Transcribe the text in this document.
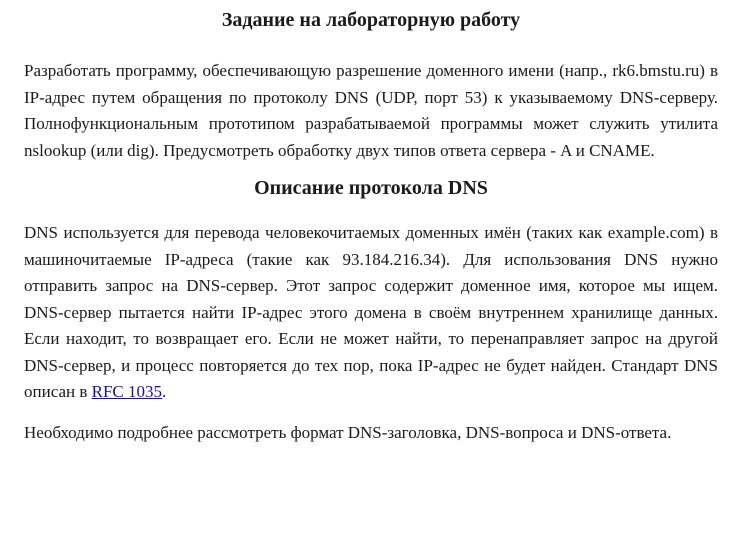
Задание на лабораторную работу

Разработать программу, обеспечивающую разрешение доменного имени (напр., rk6.bmstu.ru) в IP-адрес путем обращения по протоколу DNS (UDP, порт 53) к указываемому DNS-серверу. Полнофункциональным прототипом разрабатываемой программы может служить утилита nslookup (или dig). Предусмотреть обработку двух типов ответа сервера - A и CNAME.

Описание протокола DNS

DNS используется для перевода человекочитаемых доменных имён (таких как example.com) в машиночитаемые IP-адреса (такие как 93.184.216.34). Для использования DNS нужно отправить запрос на DNS-сервер. Этот запрос содержит доменное имя, которое мы ищем. DNS-сервер пытается найти IP-адрес этого домена в своём внутреннем хранилище данных. Если находит, то возвращает его. Если не может найти, то перенаправляет запрос на другой DNS-сервер, и процесс повторяется до тех пор, пока IP-адрес не будет найден. Стандарт DNS описан в RFC 1035.

Необходимо подробнее рассмотреть формат DNS-заголовка, DNS-вопроса и DNS-ответа.
